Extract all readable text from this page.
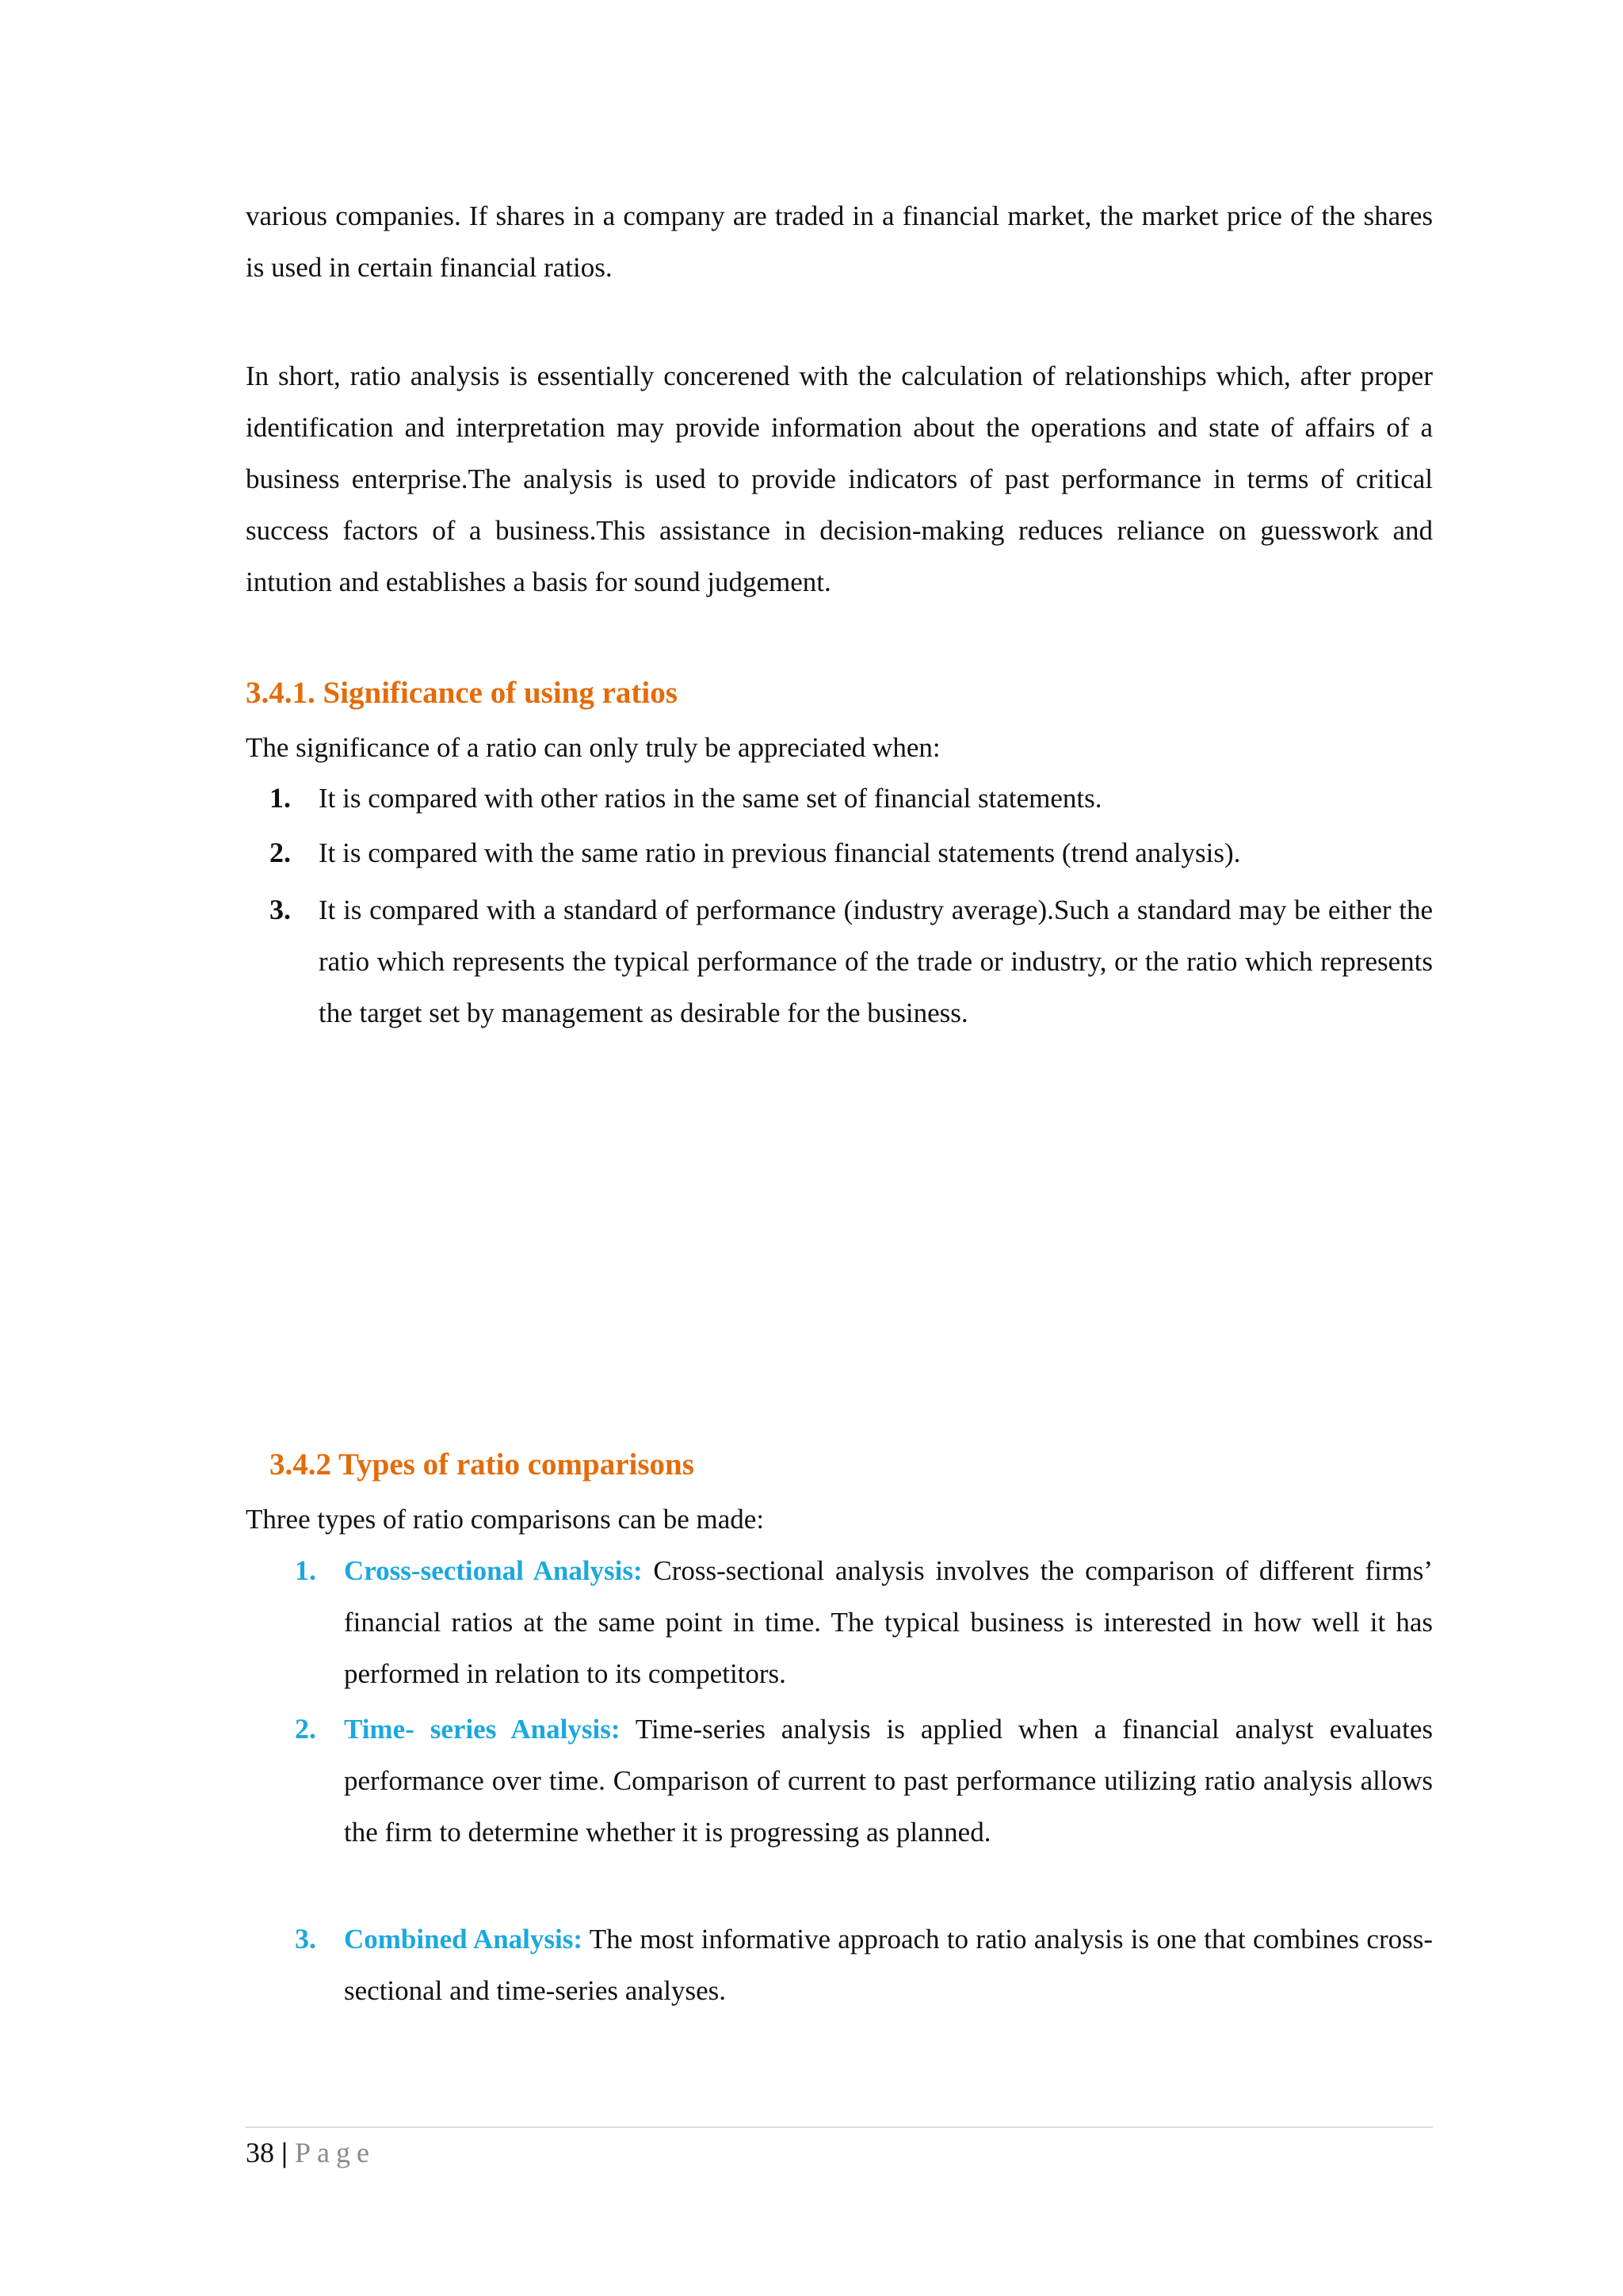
various companies. If shares in a company are traded in a financial market, the market price of the shares is used in certain financial ratios.

In short, ratio analysis is essentially concerened with the calculation of relationships which, after proper identification and interpretation may provide information about the operations and state of affairs of a business enterprise.The analysis is used to provide indicators of past performance in terms of critical success factors of a business.This assistance in decision-making reduces reliance on guesswork and intution and establishes a basis for sound judgement.

3.4.1. Significance of using ratios
The significance of a ratio can only truly be appreciated when:
1.	It is compared with other ratios in the same set of financial statements.
2.	It is compared with the same ratio in previous financial statements (trend analysis).
3.	It is compared with a standard of performance (industry average).Such a standard may be either the ratio which represents the typical performance of the trade or industry, or the ratio which represents the target set by management as desirable for the business.
3.4.2 Types of ratio comparisons
Three types of ratio comparisons can be made:
1.	Cross-sectional Analysis: Cross-sectional analysis involves the comparison of different firms’ financial ratios at the same point in time. The typical business is interested in how well it has performed in relation to its competitors.

2.	Time- series Analysis: Time-series analysis is applied when a financial analyst evaluates performance over time. Comparison of current to past performance utilizing ratio analysis allows the firm to determine whether it is progressing as planned.

3.	Combined Analysis: The most informative approach to ratio analysis is one that combines cross-sectional and time-series analyses.

38 | Page
